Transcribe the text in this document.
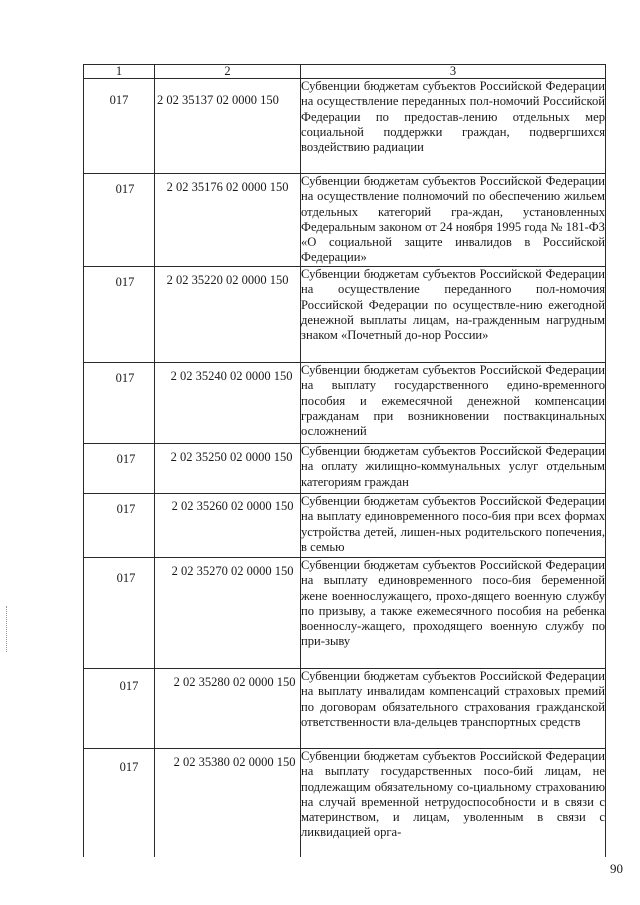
1	2	3

017	2 02 35137 02 0000 150	Субвенции бюджетам субъектов Российской Федерации на осуществление переданных пол-номочий Российской Федерации по предостав-лению отдельных мер социальной поддержки граждан, подвергшихся воздействию радиации

017	2 02 35176 02 0000 150	Субвенции бюджетам субъектов Российской Федерации на осуществление полномочий по обеспечению жильем отдельных категорий гра-ждан, установленных Федеральным законом от 24 ноября 1995 года № 181-ФЗ «О социальной защите инвалидов в Российской Федерации»

017	2 02 35220 02 0000 150	Субвенции бюджетам субъектов Российской Федерации на осуществление переданного пол-номочия Российской Федерации по осуществле-нию ежегодной денежной выплаты лицам, на-гражденным нагрудным знаком «Почетный до-нор России»

017	2 02 35240 02 0000 150	Субвенции бюджетам субъектов Российской Федерации на выплату государственного едино-временного пособия и ежемесячной денежной компенсации гражданам при возникновении поствакцинальных осложнений

017	2 02 35250 02 0000 150	Субвенции бюджетам субъектов Российской Федерации на оплату жилищно-коммунальных услуг отдельным категориям граждан

017	2 02 35260 02 0000 150	Субвенции бюджетам субъектов Российской Федерации на выплату единовременного посо-бия при всех формах устройства детей, лишен-ных родительского попечения, в семью

017	2 02 35270 02 0000 150	Субвенции бюджетам субъектов Российской Федерации на выплату единовременного посо-бия беременной жене военнослужащего, прохо-дящего военную службу по призыву, а также ежемесячного пособия на ребенка военнослу-жащего, проходящего военную службу по при-зыву

017	2 02 35280 02 0000 150	Субвенции бюджетам субъектов Российской Федерации на выплату инвалидам компенсаций страховых премий по договорам обязательного страхования гражданской ответственности вла-дельцев транспортных средств

017	2 02 35380 02 0000 150	Субвенции бюджетам субъектов Российской Федерации на выплату государственных посо-бий лицам, не подлежащим обязательному со-циальному страхованию на случай временной нетрудоспособности и в связи с материнством, и лицам, уволенным в связи с ликвидацией орга-
90
